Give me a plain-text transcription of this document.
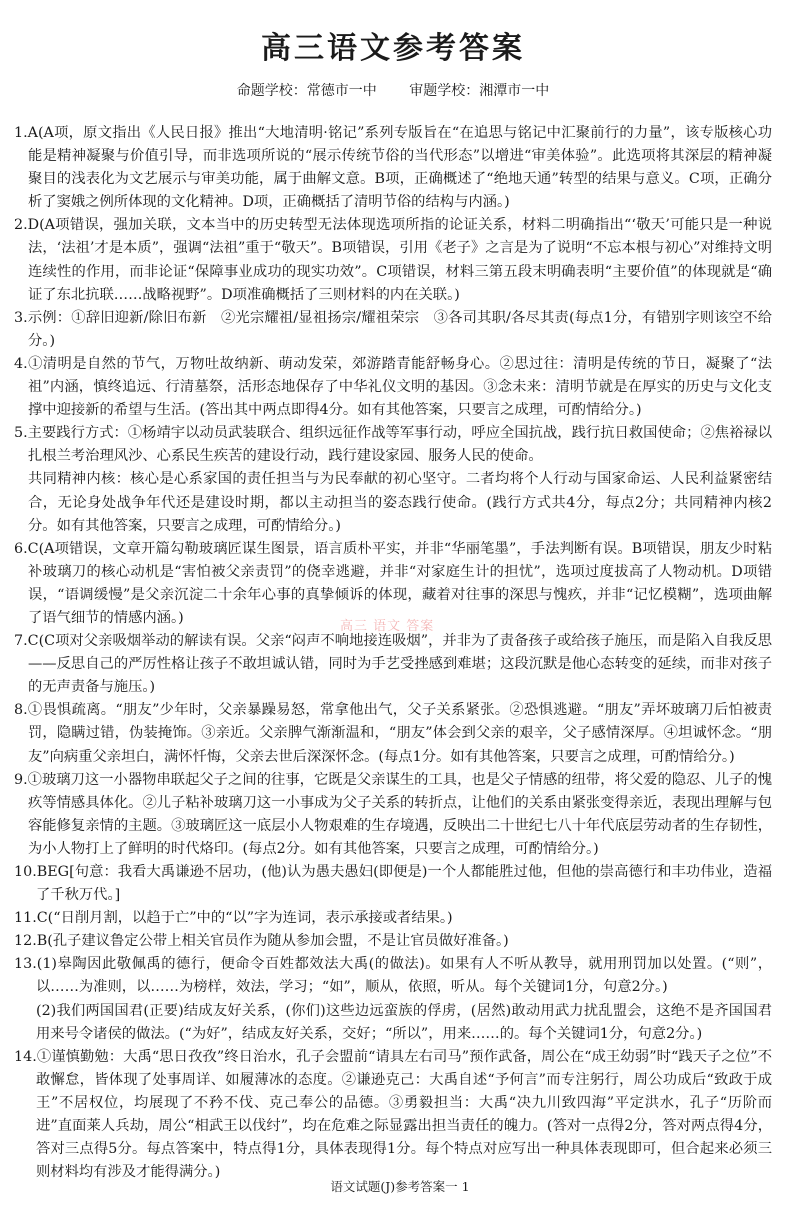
高三语文参考答案
命题学校：常德市一中 审题学校：湘潭市一中

1.A(A项，原文指出《人民日报》推出“大地清明·铭记”系列专版旨在“在追思与铭记中汇聚前行的力量”，该专版核心功能是精神凝聚与价值引导，而非选项所说的“展示传统节俗的当代形态”以增进“审美体验”。此选项将其深层的精神凝聚目的浅表化为文艺展示与审美功能，属于曲解文意。B项，正确概述了“绝地天通”转型的结果与意义。C项，正确分析了窦娥之例所体现的文化精神。D项，正确概括了清明节俗的结构与内涵。)

2.D(A项错误，强加关联，文本当中的历史转型无法体现选项所指的论证关系，材料二明确指出“‘敬天’可能只是一种说法，‘法祖’才是本质”，强调“法祖”重于“敬天”。B项错误，引用《老子》之言是为了说明“不忘本根与初心”对维持文明连续性的作用，而非论证“保障事业成功的现实功效”。C项错误，材料三第五段末明确表明“主要价值”的体现就是“确证了东北抗联……战略视野”。D项准确概括了三则材料的内在关联。)

3.示例：①辞旧迎新/除旧布新　②光宗耀祖/显祖扬宗/耀祖荣宗　③各司其职/各尽其责(每点1分，有错别字则该空不给分。)

4.①清明是自然的节气，万物吐故纳新、萌动发荣，郊游踏青能舒畅身心。②思过往：清明是传统的节日，凝聚了“法祖”内涵，慎终追远、行清墓祭，活形态地保存了中华礼仪文明的基因。③念未来：清明节就是在厚实的历史与文化支撑中迎接新的希望与生活。(答出其中两点即得4分。如有其他答案，只要言之成理，可酌情给分。)

5.主要践行方式：①杨靖宇以动员武装联合、组织远征作战等军事行动，呼应全国抗战，践行抗日救国使命；②焦裕禄以扎根兰考治理风沙、心系民生疾苦的建设行动，践行建设家园、服务人民的使命。

共同精神内核：核心是心系家国的责任担当与为民奉献的初心坚守。二者均将个人行动与国家命运、人民利益紧密结合，无论身处战争年代还是建设时期，都以主动担当的姿态践行使命。(践行方式共4分，每点2分；共同精神内核2分。如有其他答案，只要言之成理，可酌情给分。)

6.C(A项错误，文章开篇勾勒玻璃匠谋生图景，语言质朴平实，并非“华丽笔墨”，手法判断有误。B项错误，朋友少时粘补玻璃刀的核心动机是“害怕被父亲责罚”的侥幸逃避，并非“对家庭生计的担忧”，选项过度拔高了人物动机。D项错误，“语调缓慢”是父亲沉淀二十余年心事的真挚倾诉的体现，藏着对往事的深思与愧疚，并非“记忆模糊”，选项曲解了语气细节的情感内涵。)

7.C(C项对父亲吸烟举动的解读有误。父亲“闷声不响地接连吸烟”，并非为了责备孩子或给孩子施压，而是陷入自我反思——反思自己的严厉性格让孩子不敢坦诚认错，同时为手艺受挫感到难堪；这段沉默是他心态转变的延续，而非对孩子的无声责备与施压。)

8.①畏惧疏离。“朋友”少年时，父亲暴躁易怒，常拿他出气，父子关系紧张。②恐惧逃避。“朋友”弄坏玻璃刀后怕被责罚，隐瞒过错，伪装掩饰。③亲近。父亲脾气渐渐温和，“朋友”体会到父亲的艰辛，父子感情深厚。④坦诚怀念。“朋友”向病重父亲坦白，满怀忏悔，父亲去世后深深怀念。(每点1分。如有其他答案，只要言之成理，可酌情给分。)

9.①玻璃刀这一小器物串联起父子之间的往事，它既是父亲谋生的工具，也是父子情感的纽带，将父爱的隐忍、儿子的愧疚等情感具体化。②儿子粘补玻璃刀这一小事成为父子关系的转折点，让他们的关系由紧张变得亲近，表现出理解与包容能修复亲情的主题。③玻璃匠这一底层小人物艰难的生存境遇，反映出二十世纪七八十年代底层劳动者的生存韧性，为小人物打上了鲜明的时代烙印。(每点2分。如有其他答案，只要言之成理，可酌情给分。)

10.BEG[句意：我看大禹谦逊不居功，(他)认为愚夫愚妇(即便是)一个人都能胜过他，但他的崇高德行和丰功伟业，造福了千秋万代。]

11.C(“日削月割，以趋于亡”中的“以”字为连词，表示承接或者结果。)

12.B(孔子建议鲁定公带上相关官员作为随从参加会盟，不是让官员做好准备。)

13.(1)皋陶因此敬佩禹的德行，便命令百姓都效法大禹(的做法)。如果有人不听从教导，就用刑罚加以处置。(“则”，以……为准则，以……为榜样，效法，学习；“如”，顺从，依照，听从。每个关键词1分，句意2分。)

(2)我们两国国君(正要)结成友好关系，(你们)这些边远蛮族的俘虏，(居然)敢动用武力扰乱盟会，这绝不是齐国国君用来号令诸侯的做法。(“为好”，结成友好关系，交好；“所以”，用来……的。每个关键词1分，句意2分。)

14.①谨慎勤勉：大禹“思日孜孜”终日治水，孔子会盟前“请具左右司马”预作武备，周公在“成王幼弱”时“践天子之位”不敢懈怠，皆体现了处事周详、如履薄冰的态度。②谦逊克己：大禹自述“予何言”而专注躬行，周公功成后“致政于成王”不居权位，均展现了不矜不伐、克己奉公的品德。③勇毅担当：大禹“决九川致四海”平定洪水，孔子“历阶而进”直面莱人兵劫，周公“相武王以伐纣”，均在危难之际显露出担当责任的魄力。(答对一点得2分，答对两点得4分，答对三点得5分。每点答案中，特点得1分，具体表现得1分。每个特点对应写出一种具体表现即可，但合起来必须三则材料均有涉及才能得满分。)

高三 语文 答案
语文试题(J)参考答案一 1
